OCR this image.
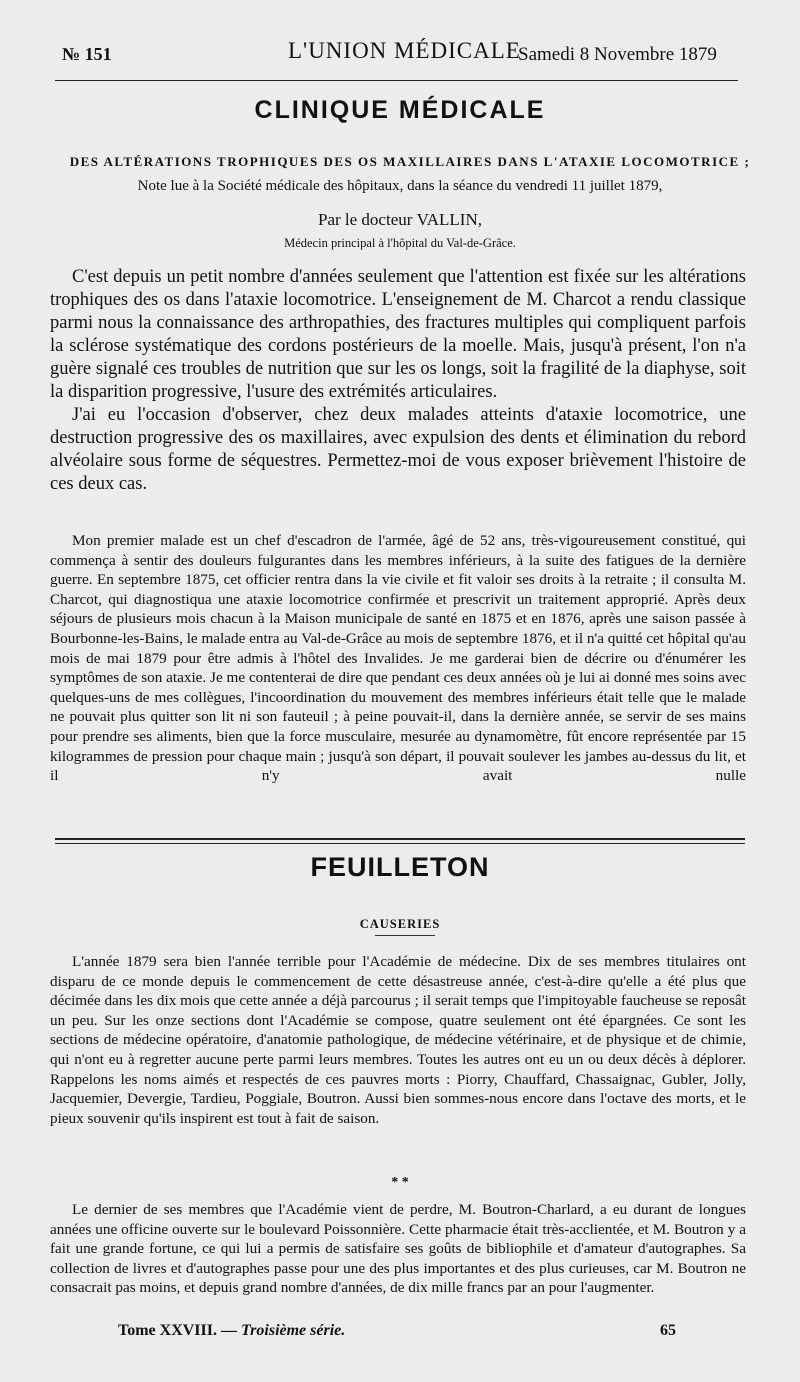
№ 151	L'UNION MÉDICALE
Samedi 8 Novembre 1879
CLINIQUE MÉDICALE
DES ALTÉRATIONS TROPHIQUES DES OS MAXILLAIRES DANS L'ATAXIE LOCOMOTRICE ;
Note lue à la Société médicale des hôpitaux, dans la séance du vendredi 11 juillet 1879,
Par le docteur VALLIN,
Médecin principal à l'hôpital du Val-de-Grâce.

C'est depuis un petit nombre d'années seulement que l'attention est fixée sur les altérations trophiques des os dans l'ataxie locomotrice. L'enseignement de M. Charcot a rendu classique parmi nous la connaissance des arthropathies, des fractures multiples qui compliquent parfois la sclérose systématique des cordons postérieurs de la moelle. Mais, jusqu'à présent, l'on n'a guère signalé ces troubles de nutrition que sur les os longs, soit la fragilité de la diaphyse, soit la disparition progressive, l'usure des extrémités articulaires.

J'ai eu l'occasion d'observer, chez deux malades atteints d'ataxie locomotrice, une destruction progressive des os maxillaires, avec expulsion des dents et élimination du rebord alvéolaire sous forme de séquestres. Permettez-moi de vous exposer brièvement l'histoire de ces deux cas.

Mon premier malade est un chef d'escadron de l'armée, âgé de 52 ans, très-vigoureusement constitué, qui commença à sentir des douleurs fulgurantes dans les membres inférieurs, à la suite des fatigues de la dernière guerre. En septembre 1875, cet officier rentra dans la vie civile et fit valoir ses droits à la retraite ; il consulta M. Charcot, qui diagnostiqua une ataxie locomotrice confirmée et prescrivit un traitement approprié. Après deux séjours de plusieurs mois chacun à la Maison municipale de santé en 1875 et en 1876, après une saison passée à Bourbonne-les-Bains, le malade entra au Val-de-Grâce au mois de septembre 1876, et il n'a quitté cet hôpital qu'au mois de mai 1879 pour être admis à l'hôtel des Invalides. Je me garderai bien de décrire ou d'énumérer les symptômes de son ataxie. Je me contenterai de dire que pendant ces deux années où je lui ai donné mes soins avec quelques-uns de mes collègues, l'incoordination du mouvement des membres inférieurs était telle que le malade ne pouvait plus quitter son lit ni son fauteuil ; à peine pouvait-il, dans la dernière année, se servir de ses mains pour prendre ses aliments, bien que la force musculaire, mesurée au dynamomètre, fût encore représentée par 15 kilogrammes de pression pour chaque main ; jusqu'à son départ, il pouvait soulever les jambes au-dessus du lit, et il n'y avait nulle

FEUILLETON
CAUSERIES

L'année 1879 sera bien l'année terrible pour l'Académie de médecine. Dix de ses membres titulaires ont disparu de ce monde depuis le commencement de cette désastreuse année, c'est-à-dire qu'elle a été plus que décimée dans les dix mois que cette année a déjà parcourus ; il serait temps que l'impitoyable faucheuse se reposât un peu. Sur les onze sections dont l'Académie se compose, quatre seulement ont été épargnées. Ce sont les sections de médecine opératoire, d'anatomie pathologique, de médecine vétérinaire, et de physique et de chimie, qui n'ont eu à regretter aucune perte parmi leurs membres. Toutes les autres ont eu un ou deux décès à déplorer. Rappelons les noms aimés et respectés de ces pauvres morts : Piorry, Chauffard, Chassaignac, Gubler, Jolly, Jacquemier, Devergie, Tardieu, Poggiale, Boutron. Aussi bien sommes-nous encore dans l'octave des morts, et le pieux souvenir qu'ils inspirent est tout à fait de saison.

* *

Le dernier de ses membres que l'Académie vient de perdre, M. Boutron-Charlard, a eu durant de longues années une officine ouverte sur le boulevard Poissonnière. Cette pharmacie était très-acclientée, et M. Boutron y a fait une grande fortune, ce qui lui a permis de satisfaire ses goûts de bibliophile et d'amateur d'autographes. Sa collection de livres et d'autographes passe pour une des plus importantes et des plus curieuses, car M. Boutron ne consacrait pas moins, et depuis grand nombre d'années, de dix mille francs par an pour l'augmenter.

Tome XXVIII. — Troisième série.	65
